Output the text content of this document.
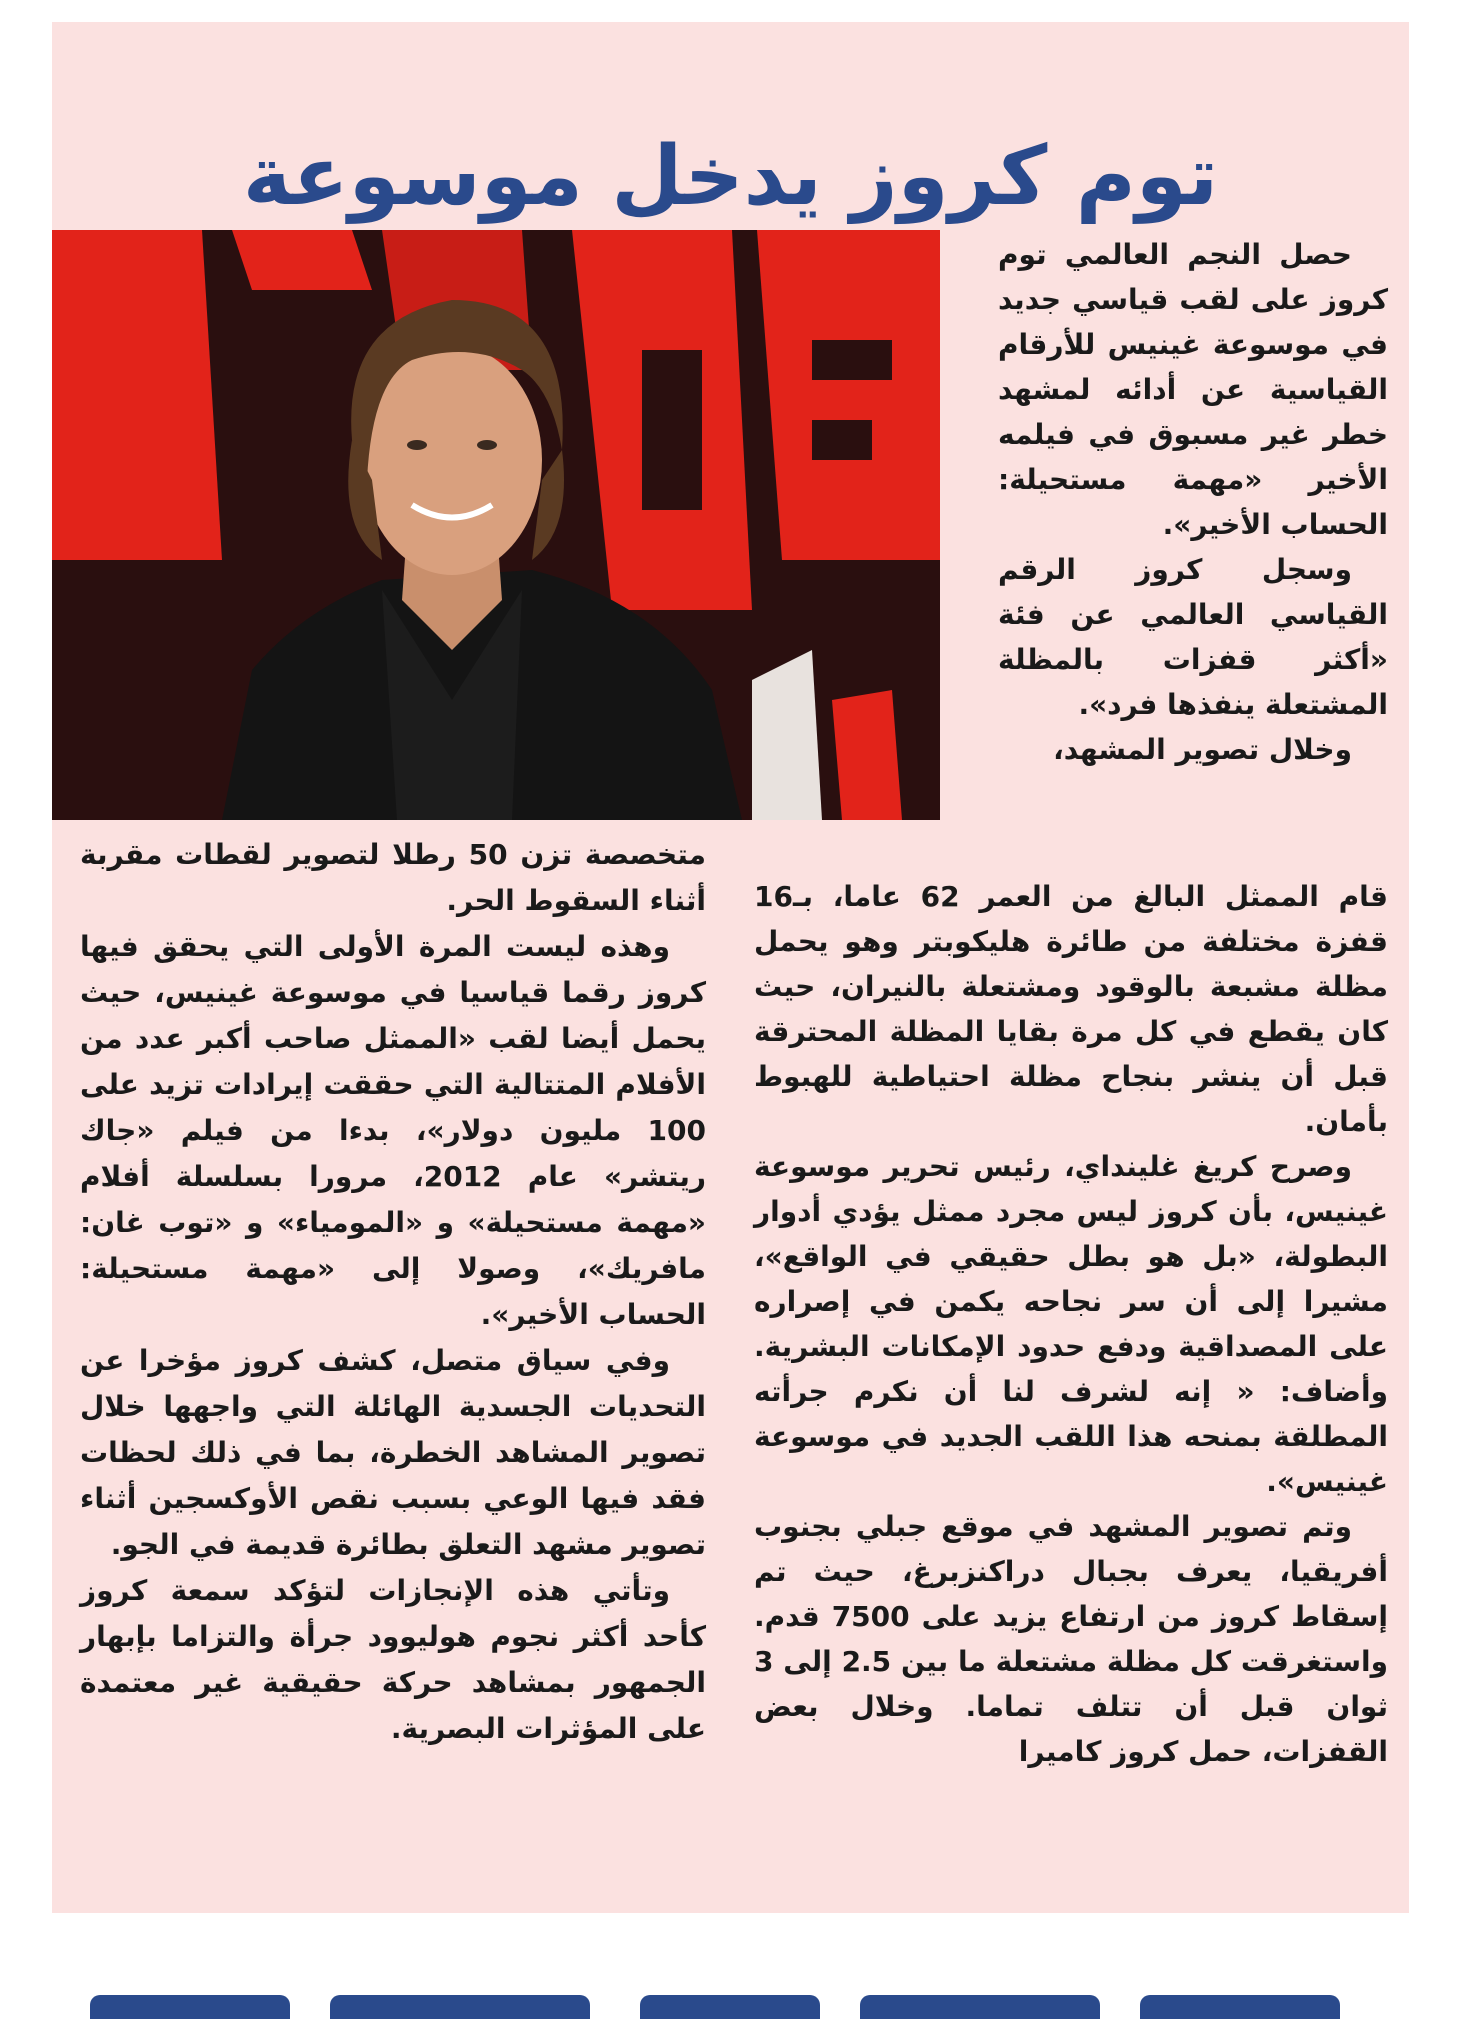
توم كروز يدخل موسوعة

حصل النجم العالمي توم كروز على لقب قياسي جديد في موسوعة غينيس للأرقام القياسية عن أدائه لمشهد خطر غير مسبوق في فيلمه الأخير «مهمة مستحيلة: الحساب الأخير».

وسجل كروز الرقم القياسي العالمي عن فئة «أكثر قفزات بالمظلة المشتعلة ينفذها فرد».

وخلال تصوير المشهد،

قام الممثل البالغ من العمر 62 عاما، بـ16 قفزة مختلفة من طائرة هليكوبتر وهو يحمل مظلة مشبعة بالوقود ومشتعلة بالنيران، حيث كان يقطع في كل مرة بقايا المظلة المحترقة قبل أن ينشر بنجاح مظلة احتياطية للهبوط بأمان.

وصرح كريغ غلينداي، رئيس تحرير موسوعة غينيس، بأن كروز ليس مجرد ممثل يؤدي أدوار البطولة، «بل هو بطل حقيقي في الواقع»، مشيرا إلى أن سر نجاحه يكمن في إصراره على المصداقية ودفع حدود الإمكانات البشرية. وأضاف: « إنه لشرف لنا أن نكرم جرأته المطلقة بمنحه هذا اللقب الجديد في موسوعة غينيس».

وتم تصوير المشهد في موقع جبلي بجنوب أفريقيا، يعرف بجبال دراكنزبرغ، حيث تم إسقاط كروز من ارتفاع يزيد على 7500 قدم. واستغرقت كل مظلة مشتعلة ما بين 2.5 إلى 3 ثوان قبل أن تتلف تماما. وخلال بعض القفزات، حمل كروز كاميرا

متخصصة تزن 50 رطلا لتصوير لقطات مقربة أثناء السقوط الحر.

وهذه ليست المرة الأولى التي يحقق فيها كروز رقما قياسيا في موسوعة غينيس، حيث يحمل أيضا لقب «الممثل صاحب أكبر عدد من الأفلام المتتالية التي حققت إيرادات تزيد على 100 مليون دولار»، بدءا من فيلم «جاك ريتشر» عام 2012، مرورا بسلسلة أفلام «مهمة مستحيلة» و «المومياء» و «توب غان: مافريك»، وصولا إلى «مهمة مستحيلة: الحساب الأخير».

وفي سياق متصل، كشف كروز مؤخرا عن التحديات الجسدية الهائلة التي واجهها خلال تصوير المشاهد الخطرة، بما في ذلك لحظات فقد فيها الوعي بسبب نقص الأوكسجين أثناء تصوير مشهد التعلق بطائرة قديمة في الجو.

وتأتي هذه الإنجازات لتؤكد سمعة كروز كأحد أكثر نجوم هوليوود جرأة والتزاما بإبهار الجمهور بمشاهد حركة حقيقية غير معتمدة على المؤثرات البصرية.
